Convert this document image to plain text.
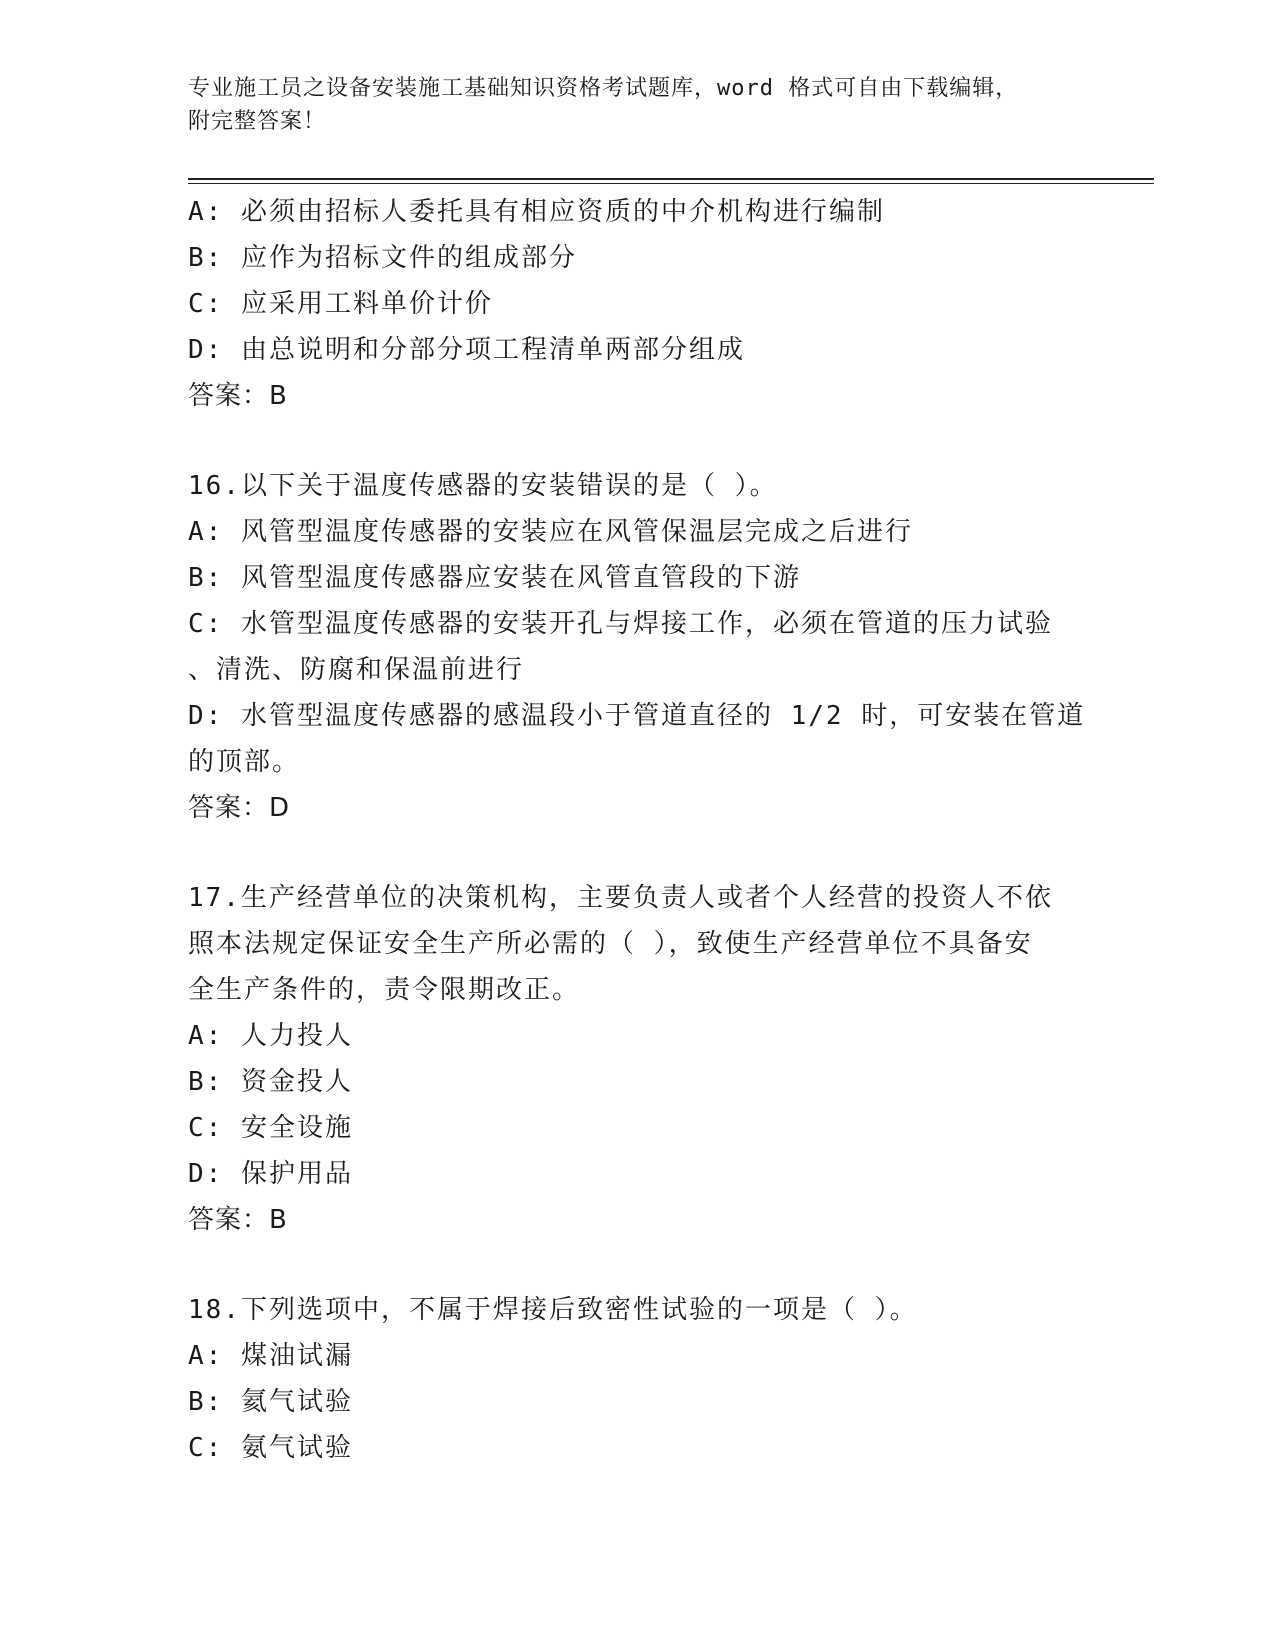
专业施工员之设备安装施工基础知识资格考试题库，word 格式可自由下载编辑，
附完整答案！
A: 必须由招标人委托具有相应资质的中介机构进行编制
B: 应作为招标文件的组成部分
C: 应采用工料单价计价
D: 由总说明和分部分项工程清单两部分组成
答案：B
16.以下关于温度传感器的安装错误的是（ ）。
A: 风管型温度传感器的安装应在风管保温层完成之后进行
B: 风管型温度传感器应安装在风管直管段的下游
C: 水管型温度传感器的安装开孔与焊接工作，必须在管道的压力试验
、清洗、防腐和保温前进行
D: 水管型温度传感器的感温段小于管道直径的 1/2 时，可安装在管道
的顶部。
答案：D
17.生产经营单位的决策机构，主要负责人或者个人经营的投资人不依
照本法规定保证安全生产所必需的（ ），致使生产经营单位不具备安
全生产条件的，责令限期改正。
A: 人力投人
B: 资金投人
C: 安全设施
D: 保护用品
答案：B
18.下列选项中，不属于焊接后致密性试验的一项是（ ）。
A: 煤油试漏
B: 氦气试验
C: 氨气试验
